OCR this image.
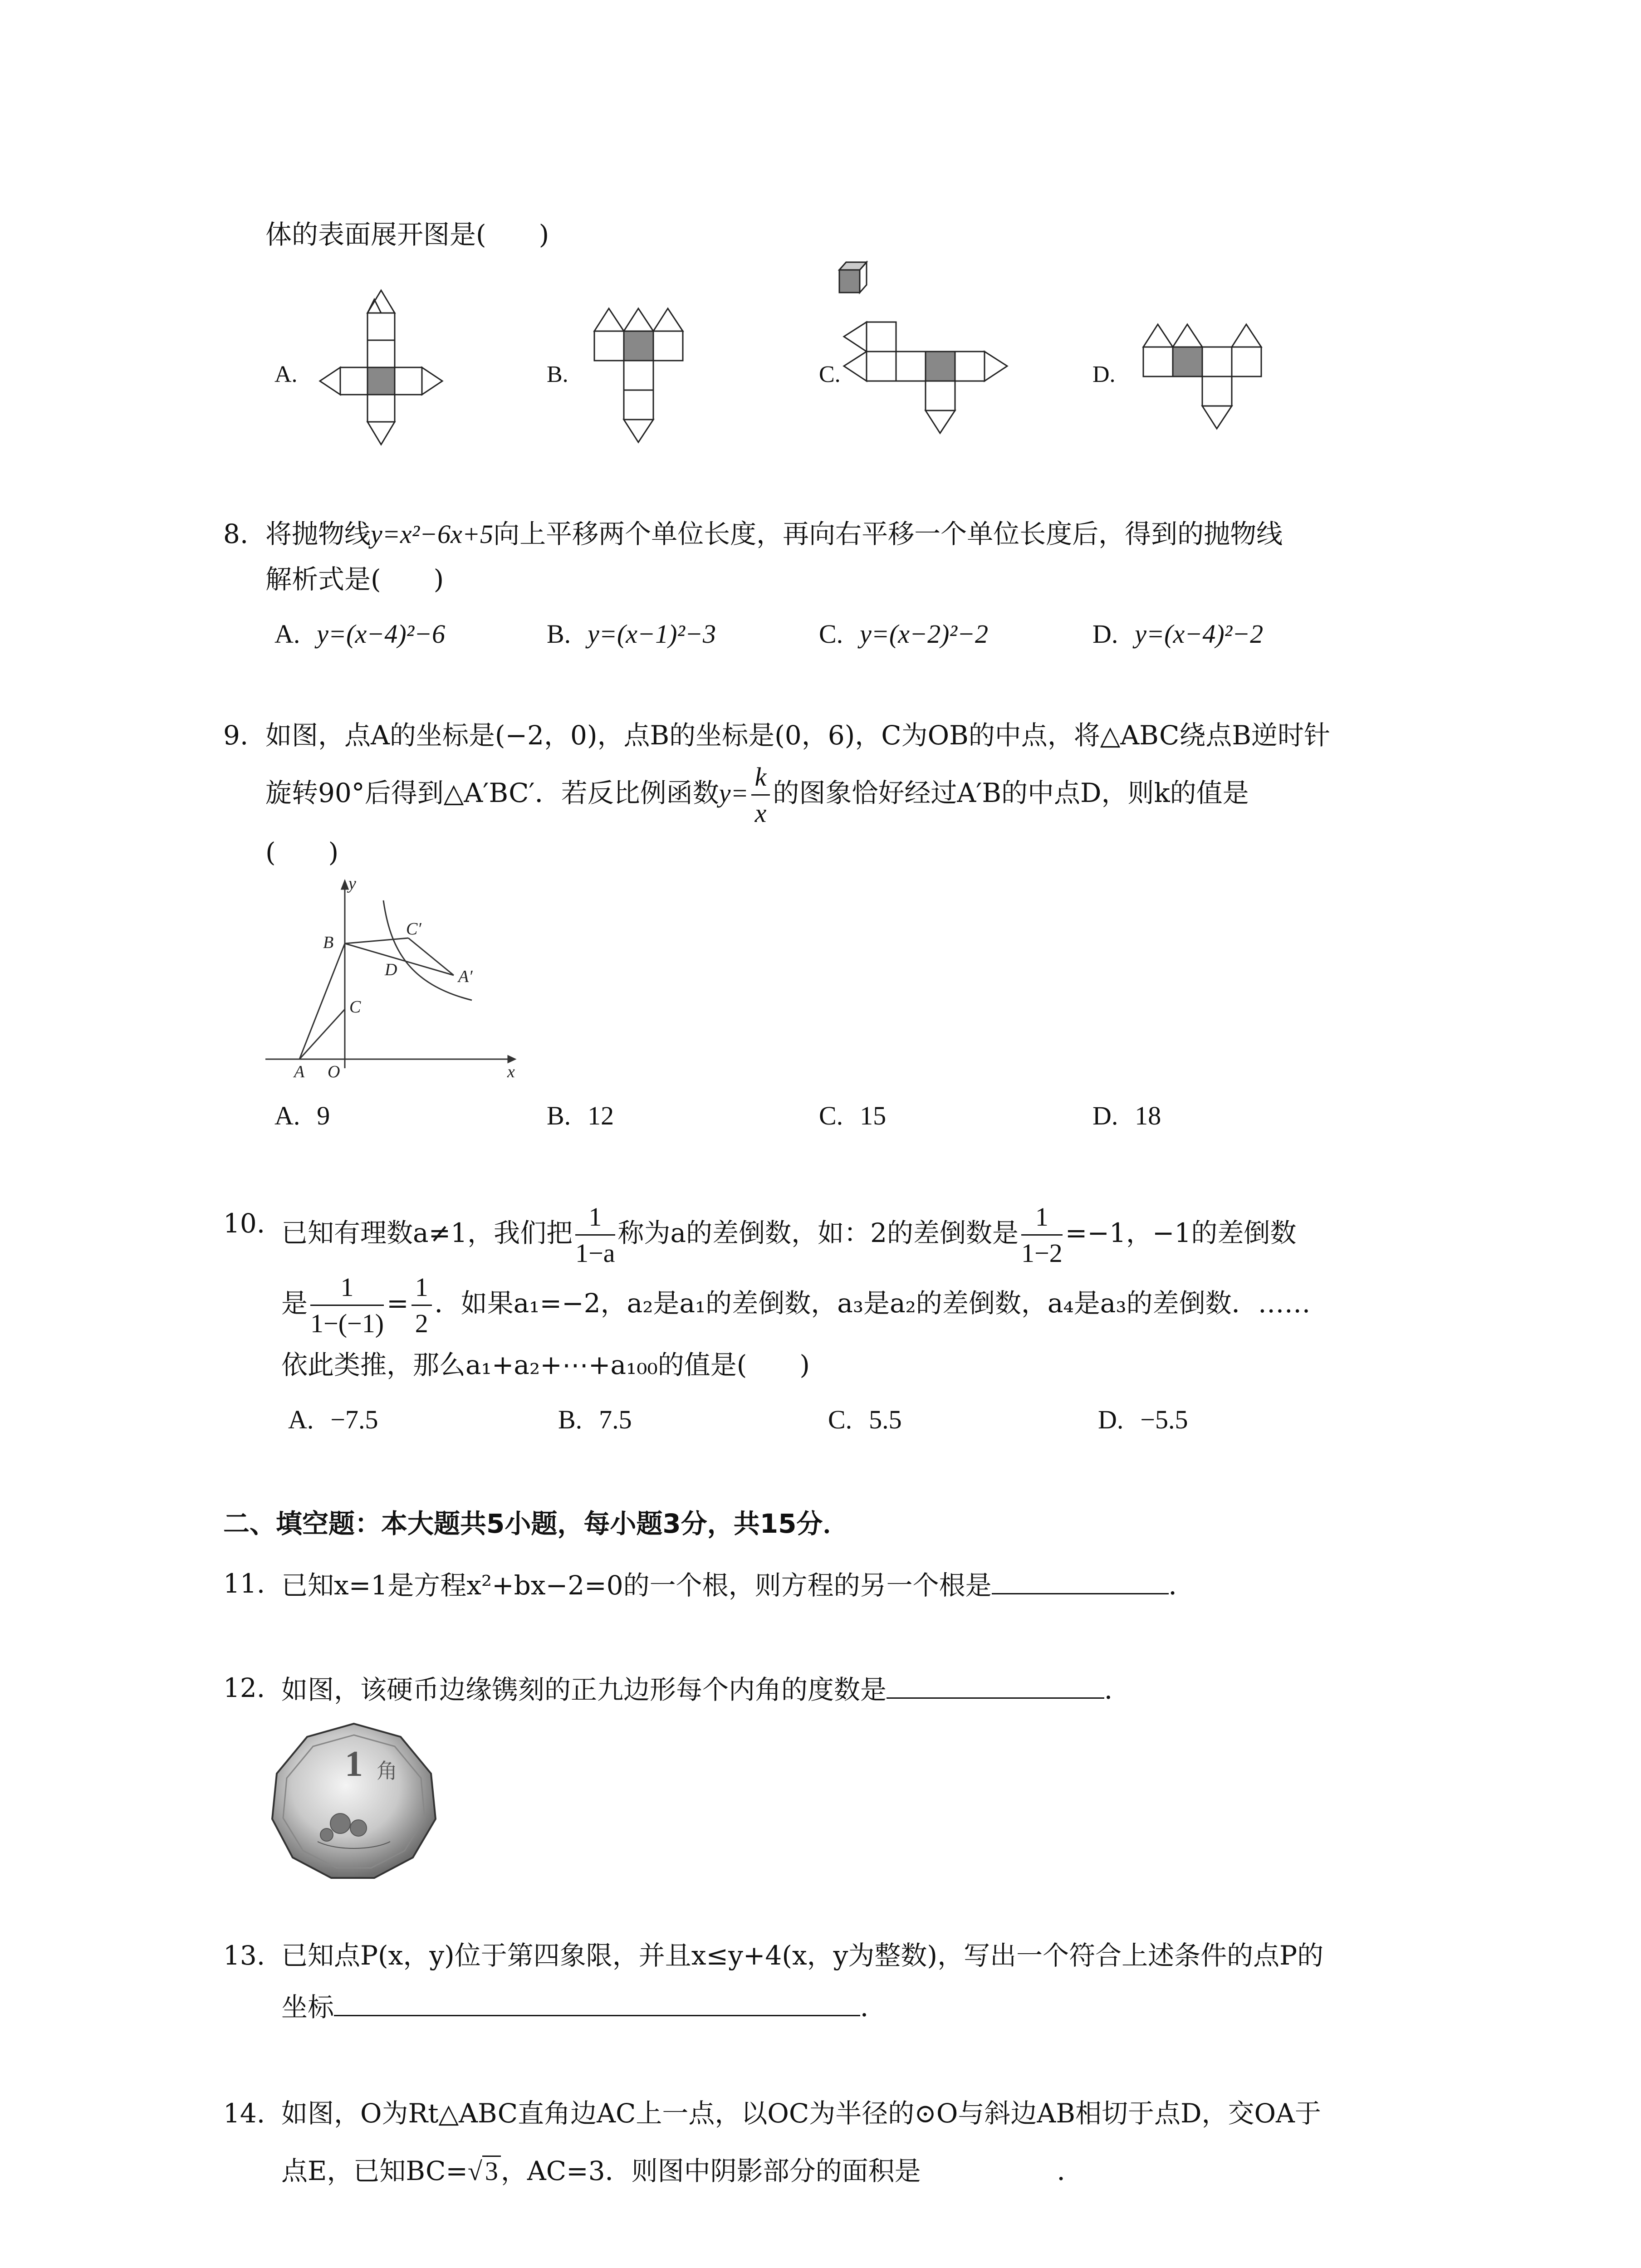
体的表面展开图是(　　)
A.	B.	C.	D.
8. 将抛物线y=x²−6x+5向上平移两个单位长度，再向右平移一个单位长度后，得到的抛物线
解析式是(　　)
A. y=(x−4)²−6	B. y=(x−1)²−3	C. y=(x−2)²−2	D. y=(x−4)²−2
9. 如图，点A的坐标是(−2，0)，点B的坐标是(0，6)，C为OB的中点，将△ABC绕点B逆时针
旋转90°后得到△A′BC′．若反比例函数$y= \frac{k}{x}$ 的图象恰好经过A′B的中点D，则k的值是
(　　)
y
x
B
C′
D	A′
C
A O
A. 9	B. 12	C. 15	D. 18
10. 已知有理数a≠1，我们把 $\frac{1}{1-a}$ 称为a的差倒数，如：2的差倒数是 $\frac{1}{1-2} =-1$，−1的差倒数
是 $\frac{1}{1-(-1)} = \frac{1}{2}$ ．如果a₁=−2，a₂是a₁的差倒数，a₃是a₂的差倒数，a₄是a₃的差倒数．……
依此类推，那么a₁+a₂+⋯+a₁₀₀的值是(　　)
A. −7.5	B. 7.5	C. 5.5	D. −5.5
二、填空题：本大题共5小题，每小题3分，共15分．
11. 已知x=1是方程x²+bx−2=0的一个根，则方程的另一个根是	．
12. 如图，该硬币边缘镌刻的正九边形每个内角的度数是	．
1 角
13. 已知点P(x，y)位于第四象限，并且x≤y+4(x，y为整数)，写出一个符合上述条件的点P的
坐标	．
14. 如图，O为Rt△ABC直角边AC上一点，以OC为半径的⊙O与斜边AB相切于点D，交OA于
点E，已知BC=√ 3 ，AC=3．则图中阴影部分的面积是	．
